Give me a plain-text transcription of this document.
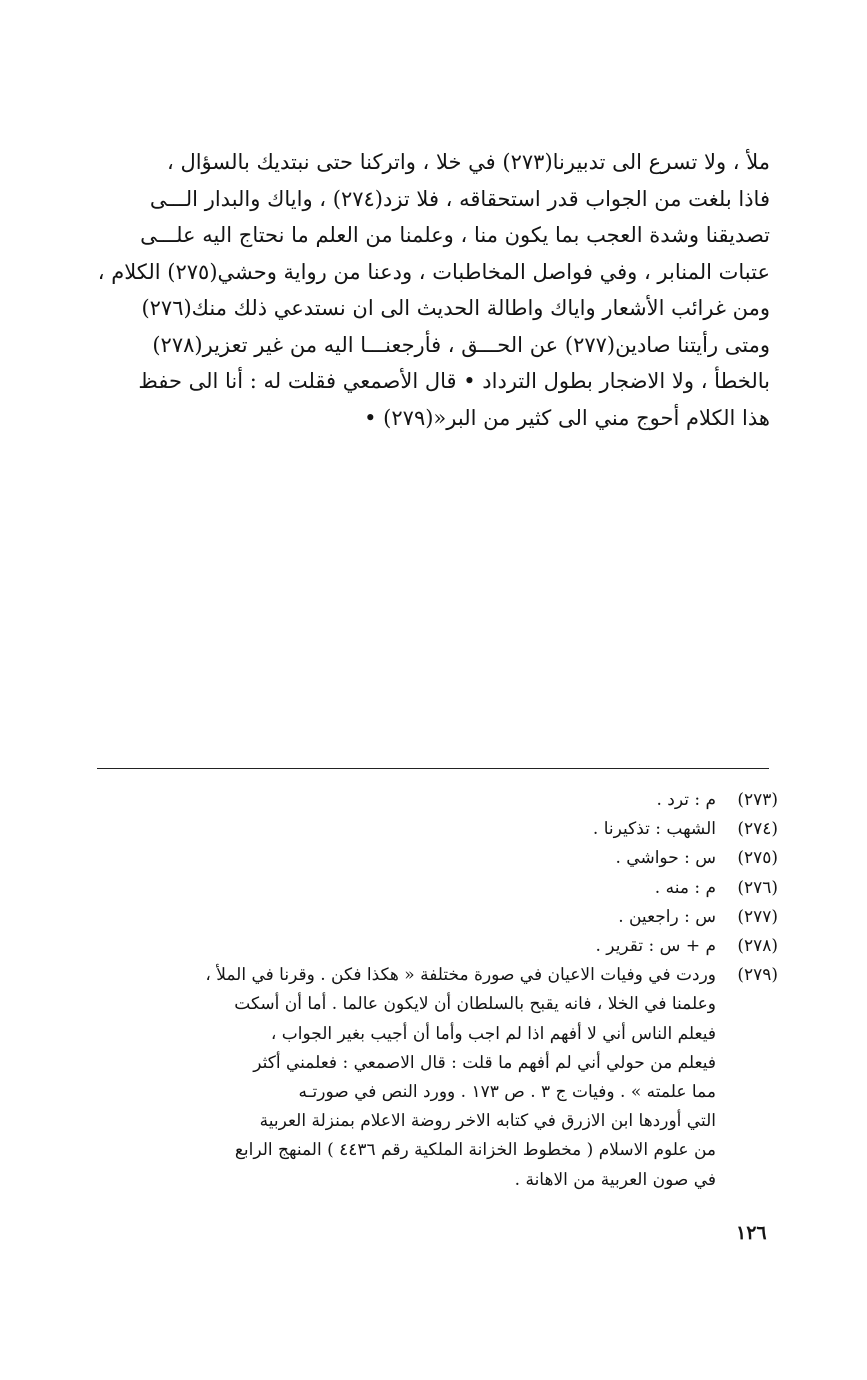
ملأ ، ولا تسرع الى تدبيرنا(٢٧٣) في خلا ، واتركنا حتى نبتديك بالسؤال ،
فاذا بلغت من الجواب قدر استحقاقه ، فلا تزد(٢٧٤) ، واياك والبدار الـــى
تصديقنا وشدة العجب بما يكون منا ، وعلمنا من العلم ما نحتاج اليه علـــى
عتبات المنابر ، وفي فواصل المخاطبات ، ودعنا من رواية وحشي(٢٧٥) الكلام ،
ومن غرائب الأشعار واياك واطالة الحديث الى ان نستدعي ذلك منك(٢٧٦)
ومتى رأيتنا صادين(٢٧٧) عن الحـــق ، فأرجعنـــا اليه من غير تعزير(٢٧٨)
بالخطأ ، ولا الاضجار بطول الترداد • قال الأصمعي فقلت له : أنا الى حفظ
هذا الكلام أحوج مني الى كثير من البر«(٢٧٩) •
(٢٧٣)
م : ترد .
(٢٧٤)
الشهب : تذكيرنا .
(٢٧٥)
س : حواشي .
(٢٧٦)
م : منه .
(٢٧٧)
س : راجعين .
(٢٧٨)
م + س : تقرير .
(٢٧٩)
وردت في وفيات الاعيان في صورة مختلفة « هكذا فكن . وقرنا في الملأ ،
وعلمنا في الخلا ، فانه يقبح بالسلطان أن لايكون عالما . أما أن أسكت
فيعلم الناس أني لا أفهم اذا لم اجب وأما أن أجيب بغير الجواب ،
فيعلم من حولي أني لم أفهم ما قلت : قال الاصمعي : فعلمني أكثر
مما علمته » . وفيات ج ٣ . ص ١٧٣ . وورد النص في صورتـه
التي أوردها ابن الازرق في كتابه الاخر روضة الاعلام بمنزلة العربية
من علوم الاسلام ( مخطوط الخزانة الملكية رقم ٤٤٣٦ ) المنهج الرابع
في صون العربية من الاهانة .
١٢٦
